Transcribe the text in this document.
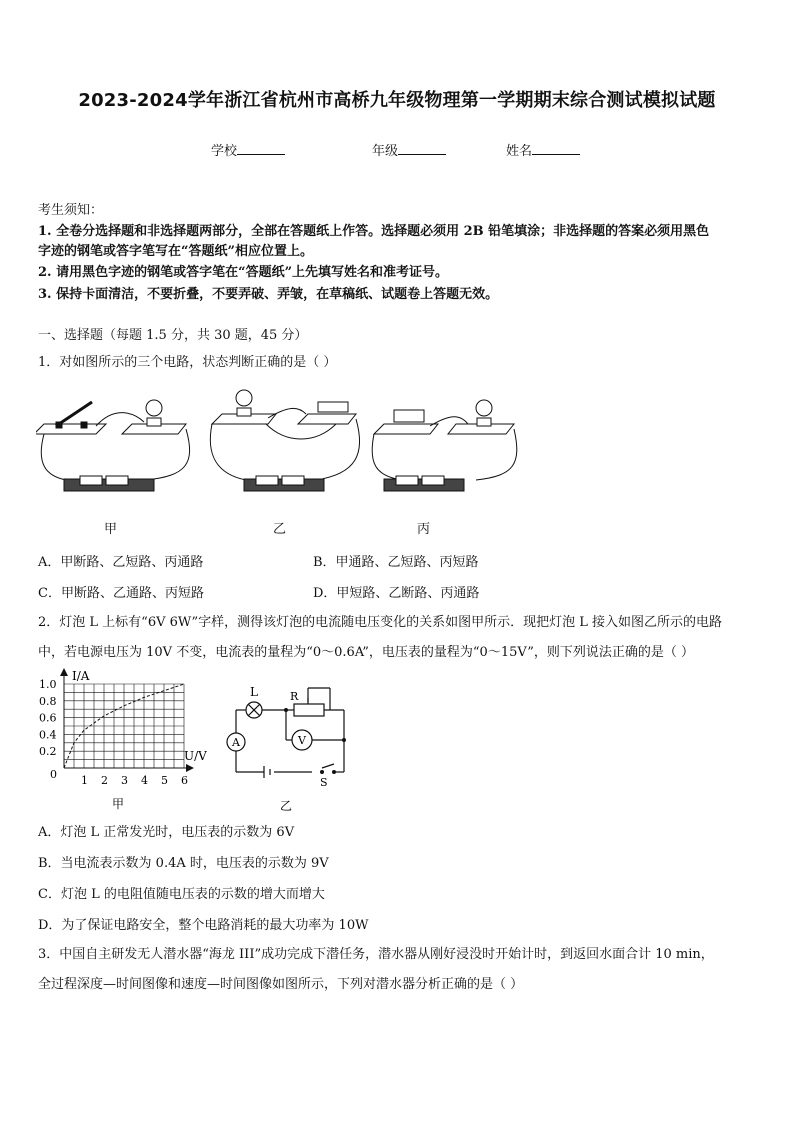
2023-2024学年浙江省杭州市高桥九年级物理第一学期期末综合测试模拟试题
学校	年级	姓名
考生须知：
1. 全卷分选择题和非选择题两部分，全部在答题纸上作答。选择题必须用 2B 铅笔填涂；非选择题的答案必须用黑色
字迹的钢笔或答字笔写在“答题纸”相应位置上。
2. 请用黑色字迹的钢笔或答字笔在“答题纸”上先填写姓名和准考证号。
3. 保持卡面清洁，不要折叠，不要弄破、弄皱，在草稿纸、试题卷上答题无效。
一、选择题（每题 1.5 分，共 30 题，45 分）
1．对如图所示的三个电路，状态判断正确的是（ ）
甲	乙	丙
A．甲断路、乙短路、丙通路	B．甲通路、乙短路、丙短路
C．甲断路、乙通路、丙短路	D．甲短路、乙断路、丙通路
2．灯泡 L 上标有“6V 6W”字样，测得该灯泡的电流随电压变化的关系如图甲所示．现把灯泡 L 接入如图乙所示的电路
中，若电源电压为 10V 不变，电流表的量程为“0～0.6A”，电压表的量程为“0～15V”，则下列说法正确的是（ ）
I/A
U/V
0
1.0
0.8
0.6
0.4
0.2
1 2 3 4 5 6
甲
L	R
A	V
S
乙
A．灯泡 L 正常发光时，电压表的示数为 6V
B．当电流表示数为 0.4A 时，电压表的示数为 9V
C．灯泡 L 的电阻值随电压表的示数的增大而增大
D．为了保证电路安全，整个电路消耗的最大功率为 10W
3．中国自主研发无人潜水器“海龙 III”成功完成下潜任务，潜水器从刚好浸没时开始计时，到返回水面合计 10 min，
全过程深度—时间图像和速度—时间图像如图所示，下列对潜水器分析正确的是（ ）
